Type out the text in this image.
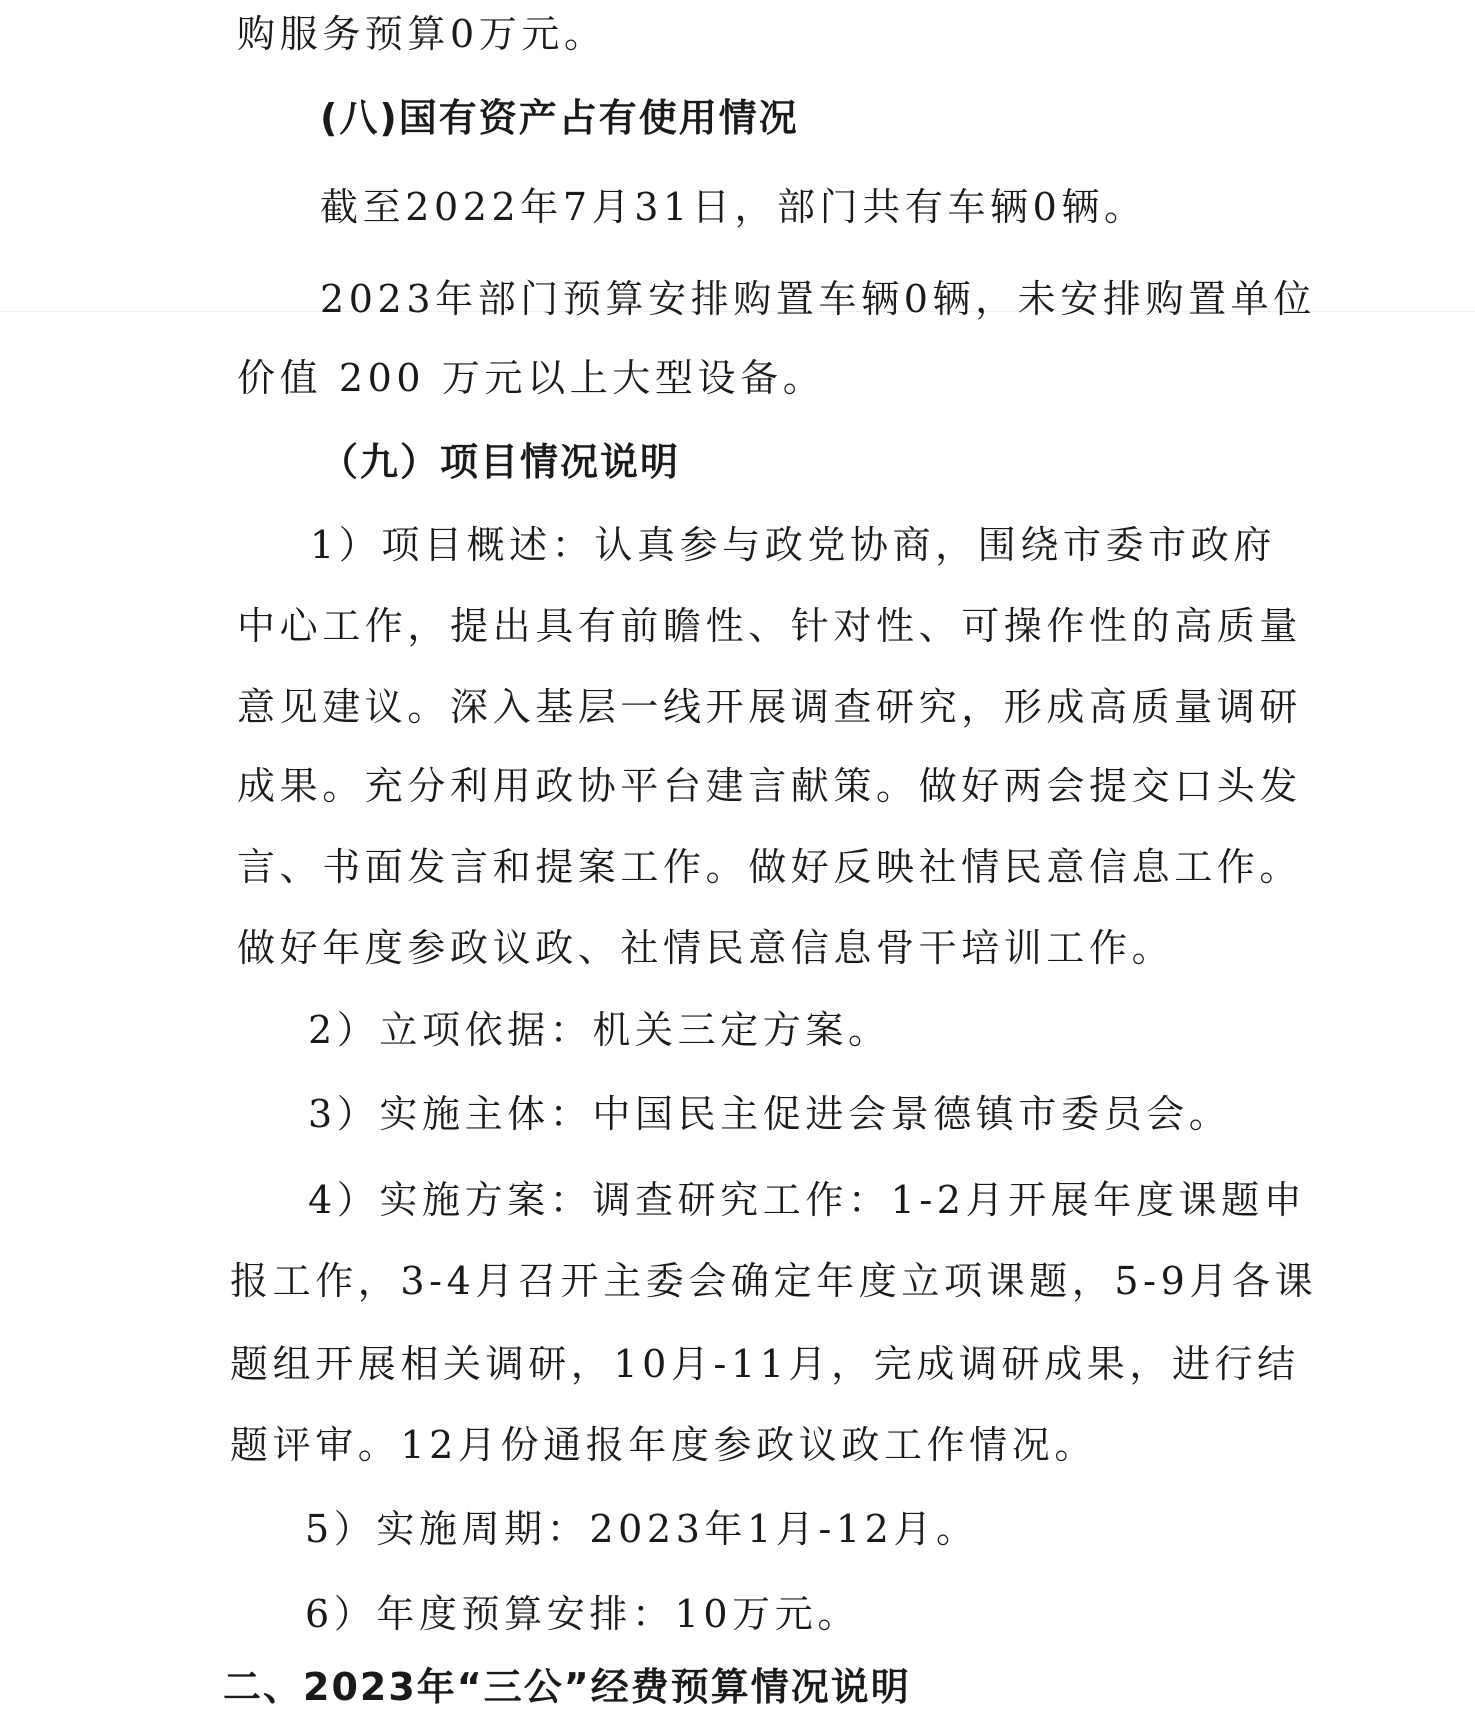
购服务预算0万元。
(八)国有资产占有使用情况
截至2022年7月31日，部门共有车辆0辆。
2023年部门预算安排购置车辆0辆，未安排购置单位
价值 200 万元以上大型设备。
（九）项目情况说明
1）项目概述：认真参与政党协商，围绕市委市政府
中心工作，提出具有前瞻性、针对性、可操作性的高质量
意见建议。深入基层一线开展调查研究，形成高质量调研
成果。充分利用政协平台建言献策。做好两会提交口头发
言、书面发言和提案工作。做好反映社情民意信息工作。
做好年度参政议政、社情民意信息骨干培训工作。
2）立项依据：机关三定方案。
3）实施主体：中国民主促进会景德镇市委员会。
4）实施方案：调查研究工作：1-2月开展年度课题申
报工作，3-4月召开主委会确定年度立项课题，5-9月各课
题组开展相关调研，10月-11月，完成调研成果，进行结
题评审。12月份通报年度参政议政工作情况。
5）实施周期：2023年1月-12月。
6）年度预算安排：10万元。
二、2023年“三公”经费预算情况说明
